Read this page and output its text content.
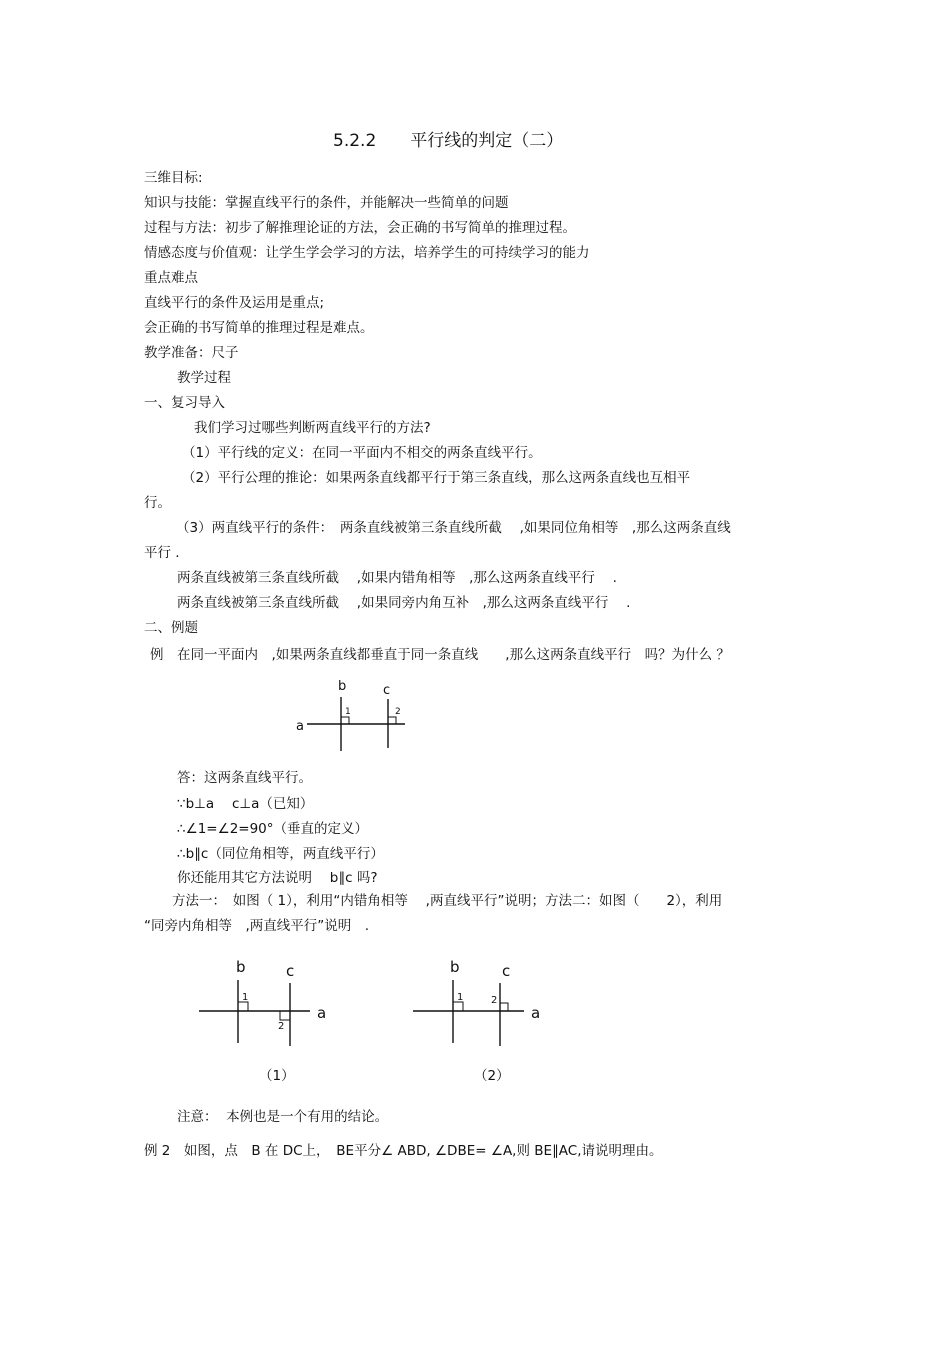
5.2.2　　平行线的判定（二）
三维目标:
知识与技能：掌握直线平行的条件，并能解决一些简单的问题
过程与方法：初步了解推理论证的方法，会正确的书写简单的推理过程。
情感态度与价值观：让学生学会学习的方法，培养学生的可持续学习的能力
重点难点
直线平行的条件及运用是重点;
会正确的书写简单的推理过程是难点。
教学准备：尺子
教学过程
一、复习导入
我们学习过哪些判断两直线平行的方法?
（1）平行线的定义：在同一平面内不相交的两条直线平行。
（2）平行公理的推论：如果两条直线都平行于第三条直线，那么这两条直线也互相平
行。
（3）两直线平行的条件：　两条直线被第三条直线所截　 ,如果同位角相等　,那么这两条直线
平行 .
两条直线被第三条直线所截　 ,如果内错角相等　,那么这两条直线平行　 .
两条直线被第三条直线所截　 ,如果同旁内角互补　,那么这两条直线平行　 .
二、例题
例　在同一平面内　,如果两条直线都垂直于同一条直线　　,那么这两条直线平行　吗？为什么 ？
a
b	c
1	2
答：这两条直线平行。
∵b⊥a　 c⊥a（已知）
∴∠1=∠2=90°（垂直的定义）
∴b∥c（同位角相等，两直线平行）
你还能用其它方法说明　 b∥c 吗?
方法一：　如图（ 1），利用“内错角相等　 ,两直线平行”说明；方法二：如图（　　2），利用
“同旁内角相等　,两直线平行”说明　.
a
b	c
1
2
a
b	c
1	2
（1）	（2）
注意：  本例也是一个有用的结论。
例 2　如图，点　B 在 DC上，　BE平分∠ ABD, ∠DBE= ∠A,则 BE∥AC,请说明理由。
